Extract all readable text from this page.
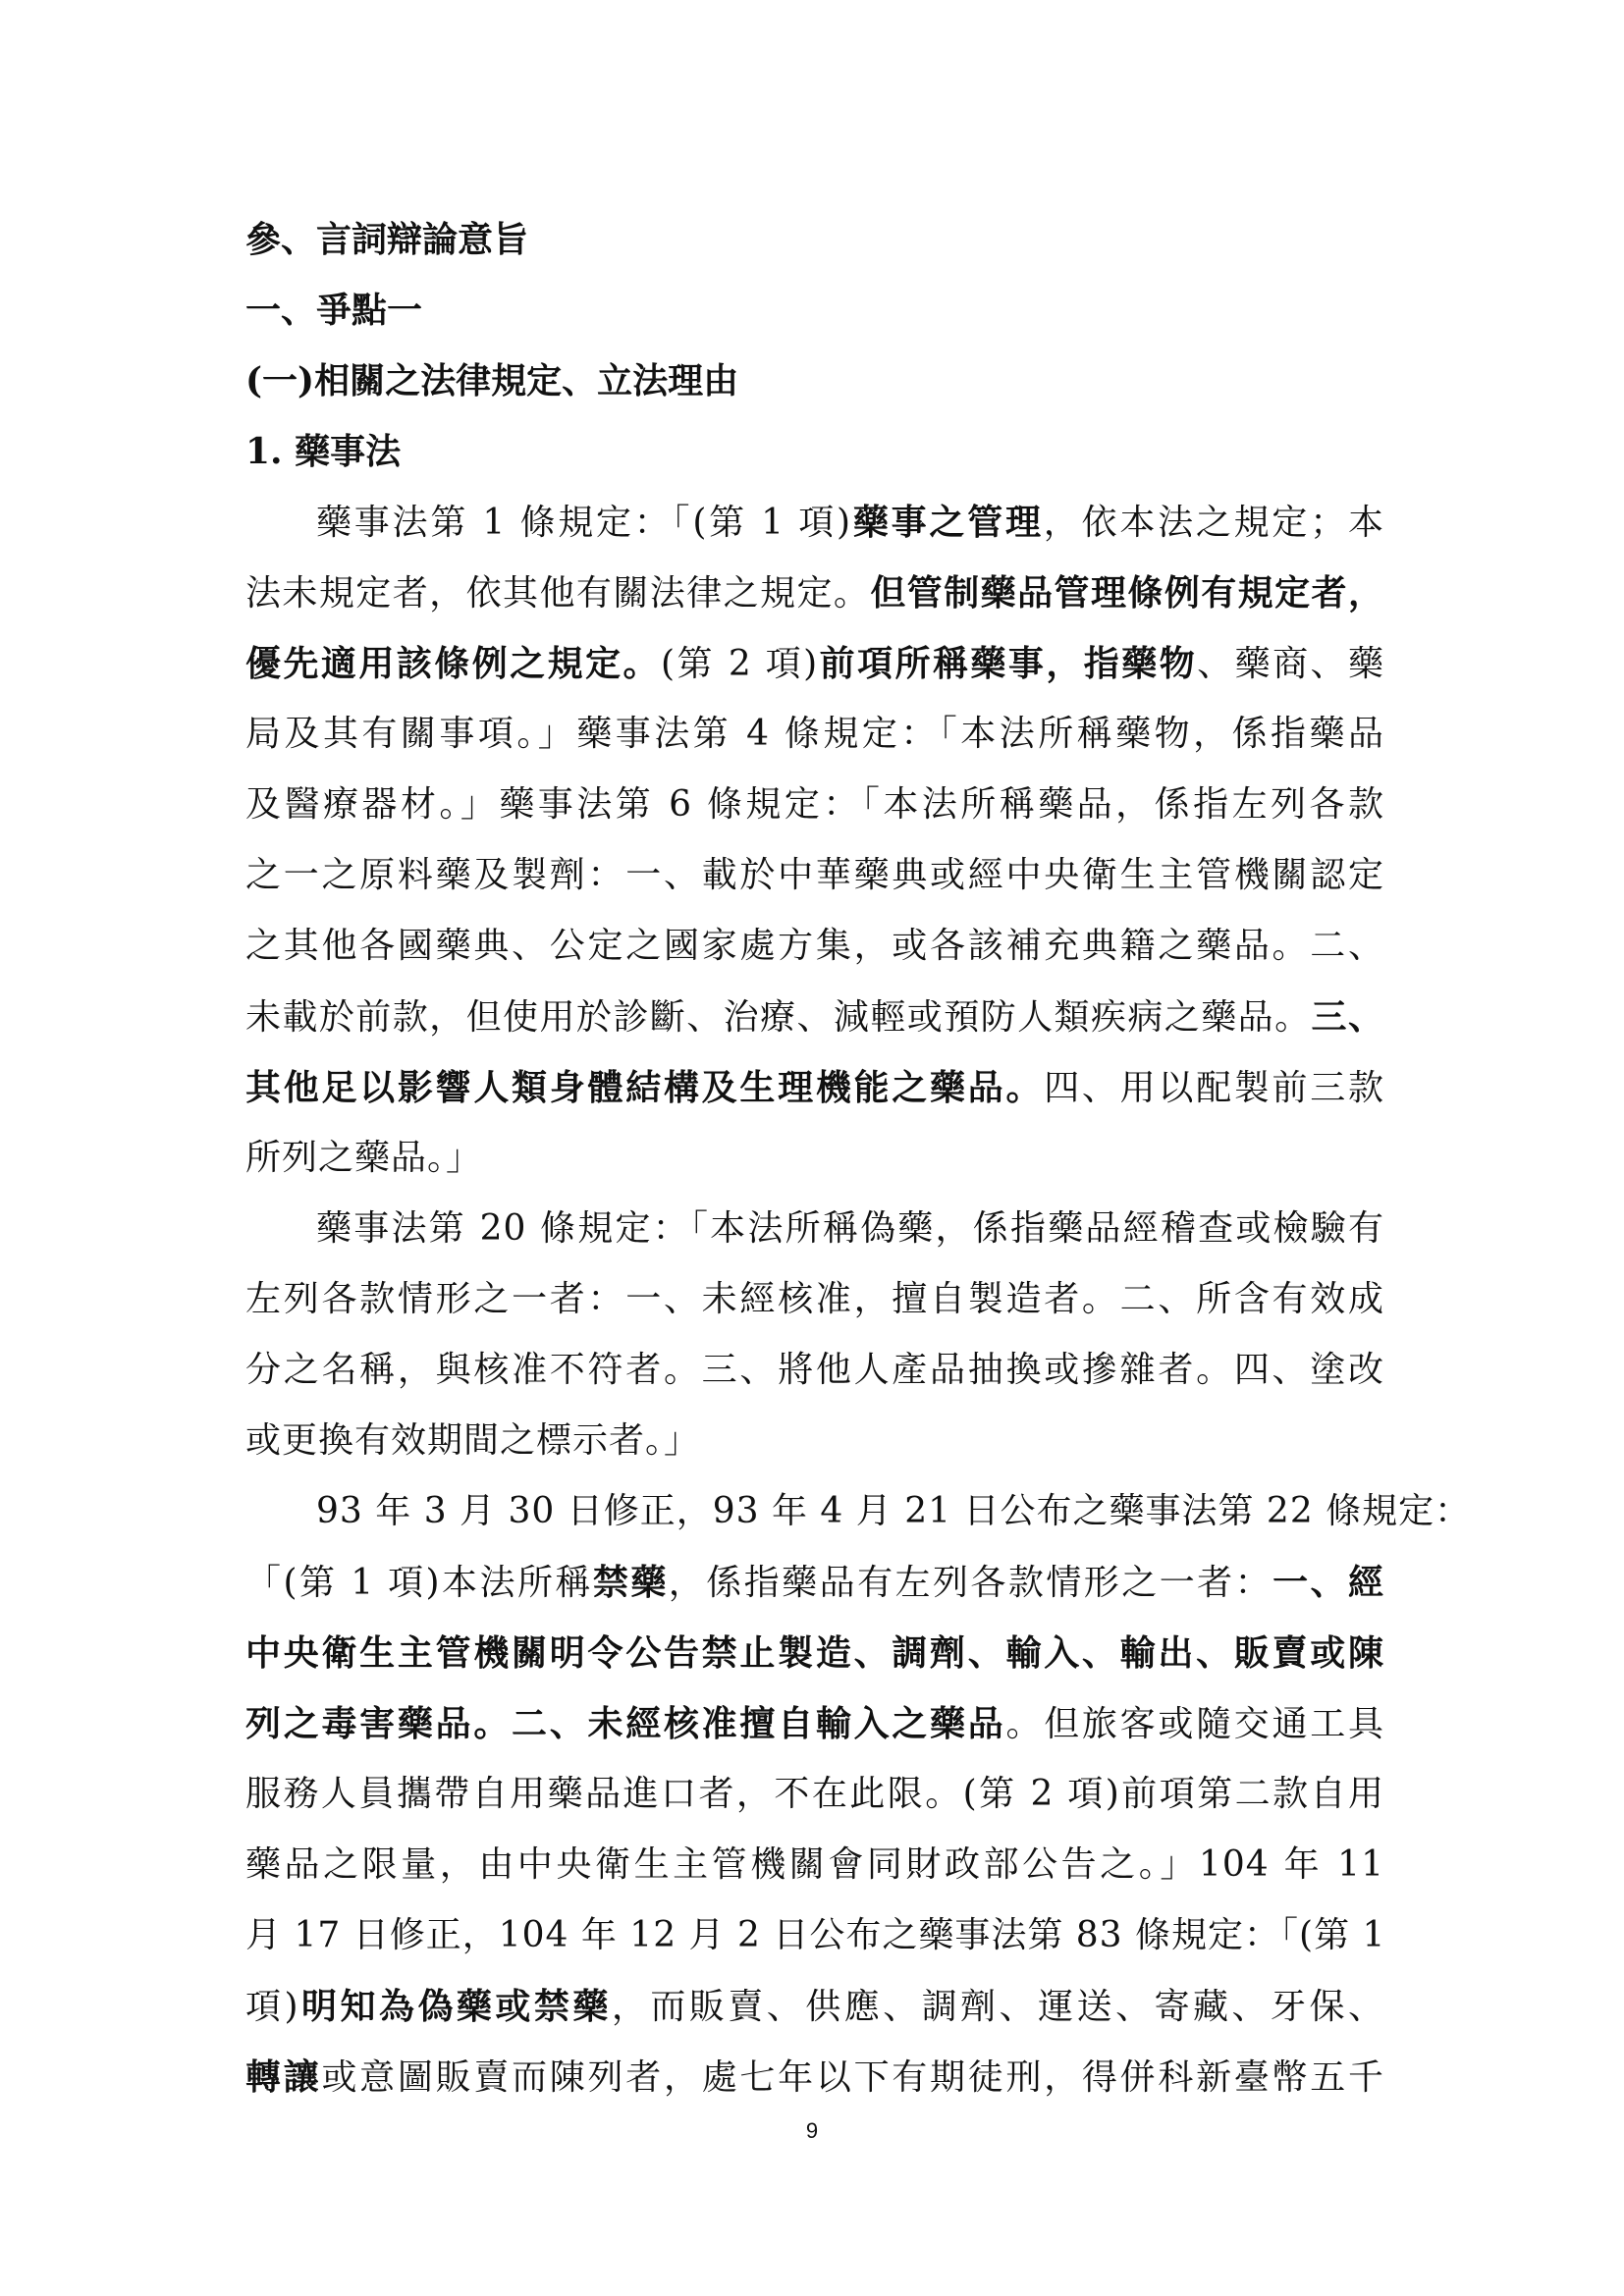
參、言詞辯論意旨
一、爭點一
(一)相關之法律規定、立法理由
1. 藥事法
藥事法第 1 條規定：「(第 1 項)藥事之管理，依本法之規定；本
法未規定者，依其他有關法律之規定。但管制藥品管理條例有規定者，
優先適用該條例之規定。(第 2 項)前項所稱藥事，指藥物、藥商、藥
局及其有關事項。」藥事法第 4 條規定：「本法所稱藥物，係指藥品
及醫療器材。」藥事法第 6 條規定：「本法所稱藥品，係指左列各款
之一之原料藥及製劑：一、載於中華藥典或經中央衛生主管機關認定
之其他各國藥典、公定之國家處方集，或各該補充典籍之藥品。二、
未載於前款，但使用於診斷、治療、減輕或預防人類疾病之藥品。三、
其他足以影響人類身體結構及生理機能之藥品。四、用以配製前三款
所列之藥品。」
藥事法第 20 條規定：「本法所稱偽藥，係指藥品經稽查或檢驗有
左列各款情形之一者：一、未經核准，擅自製造者。二、所含有效成
分之名稱，與核准不符者。三、將他人產品抽換或摻雜者。四、塗改
或更換有效期間之標示者。」
93 年 3 月 30 日修正，93 年 4 月 21 日公布之藥事法第 22 條規定：
「(第 1 項)本法所稱禁藥，係指藥品有左列各款情形之一者：一、經
中央衛生主管機關明令公告禁止製造、調劑、輸入、輸出、販賣或陳
列之毒害藥品。二、未經核准擅自輸入之藥品。但旅客或隨交通工具
服務人員攜帶自用藥品進口者，不在此限。(第 2 項)前項第二款自用
藥品之限量，由中央衛生主管機關會同財政部公告之。」104 年 11
月 17 日修正，104 年 12 月 2 日公布之藥事法第 83 條規定：「(第 1
項)明知為偽藥或禁藥，而販賣、供應、調劑、運送、寄藏、牙保、
轉讓或意圖販賣而陳列者，處七年以下有期徒刑，得併科新臺幣五千
9
